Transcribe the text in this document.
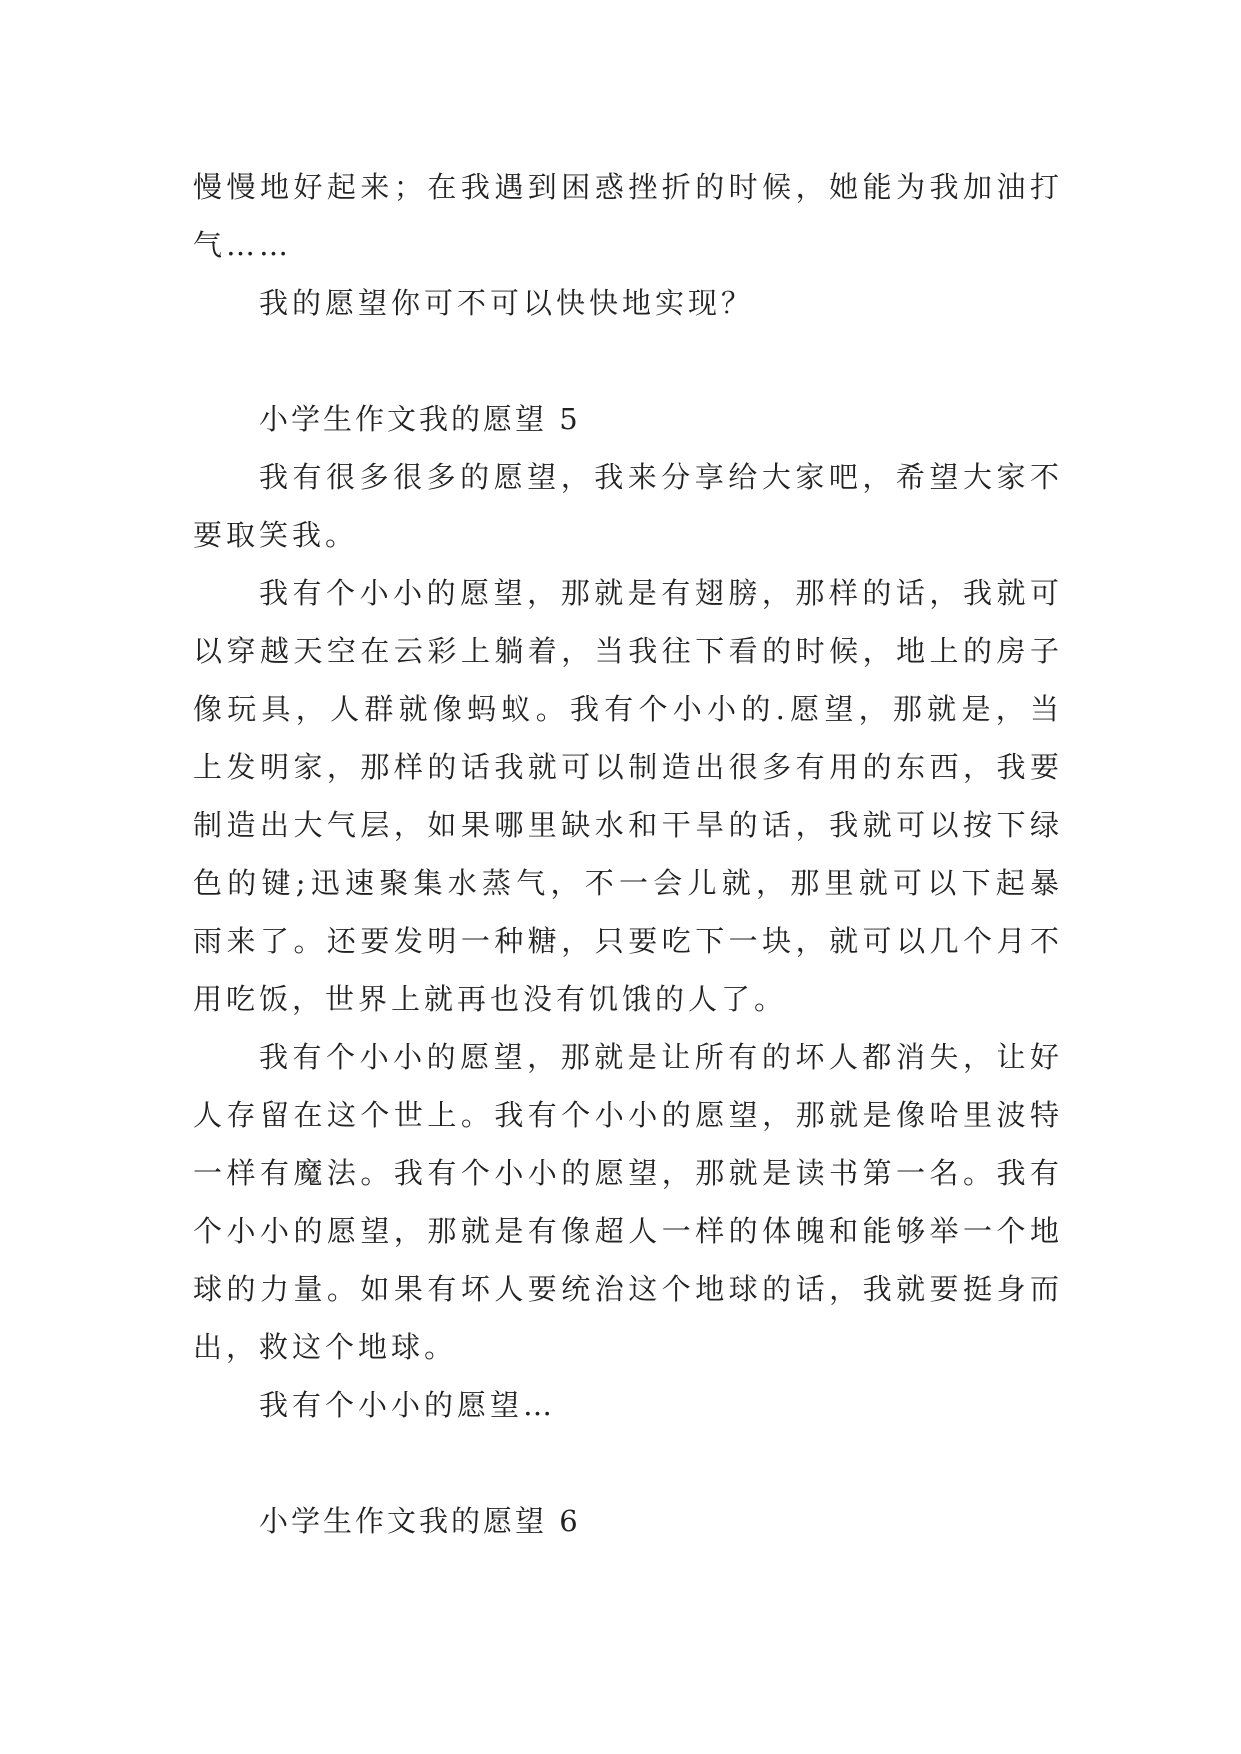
慢慢地好起来；在我遇到困惑挫折的时候，她能为我加油打气……

我的愿望你可不可以快快地实现？

小学生作文我的愿望 5

我有很多很多的愿望，我来分享给大家吧，希望大家不要取笑我。

我有个小小的愿望，那就是有翅膀，那样的话，我就可以穿越天空在云彩上躺着，当我往下看的时候，地上的房子像玩具，人群就像蚂蚁。我有个小小的.愿望，那就是，当上发明家，那样的话我就可以制造出很多有用的东西，我要制造出大气层，如果哪里缺水和干旱的话，我就可以按下绿色的键;迅速聚集水蒸气，不一会儿就，那里就可以下起暴雨来了。还要发明一种糖，只要吃下一块，就可以几个月不用吃饭，世界上就再也没有饥饿的人了。

我有个小小的愿望，那就是让所有的坏人都消失，让好人存留在这个世上。我有个小小的愿望，那就是像哈里波特一样有魔法。我有个小小的愿望，那就是读书第一名。我有个小小的愿望，那就是有像超人一样的体魄和能够举一个地球的力量。如果有坏人要统治这个地球的话，我就要挺身而出，救这个地球。

我有个小小的愿望…

小学生作文我的愿望 6
